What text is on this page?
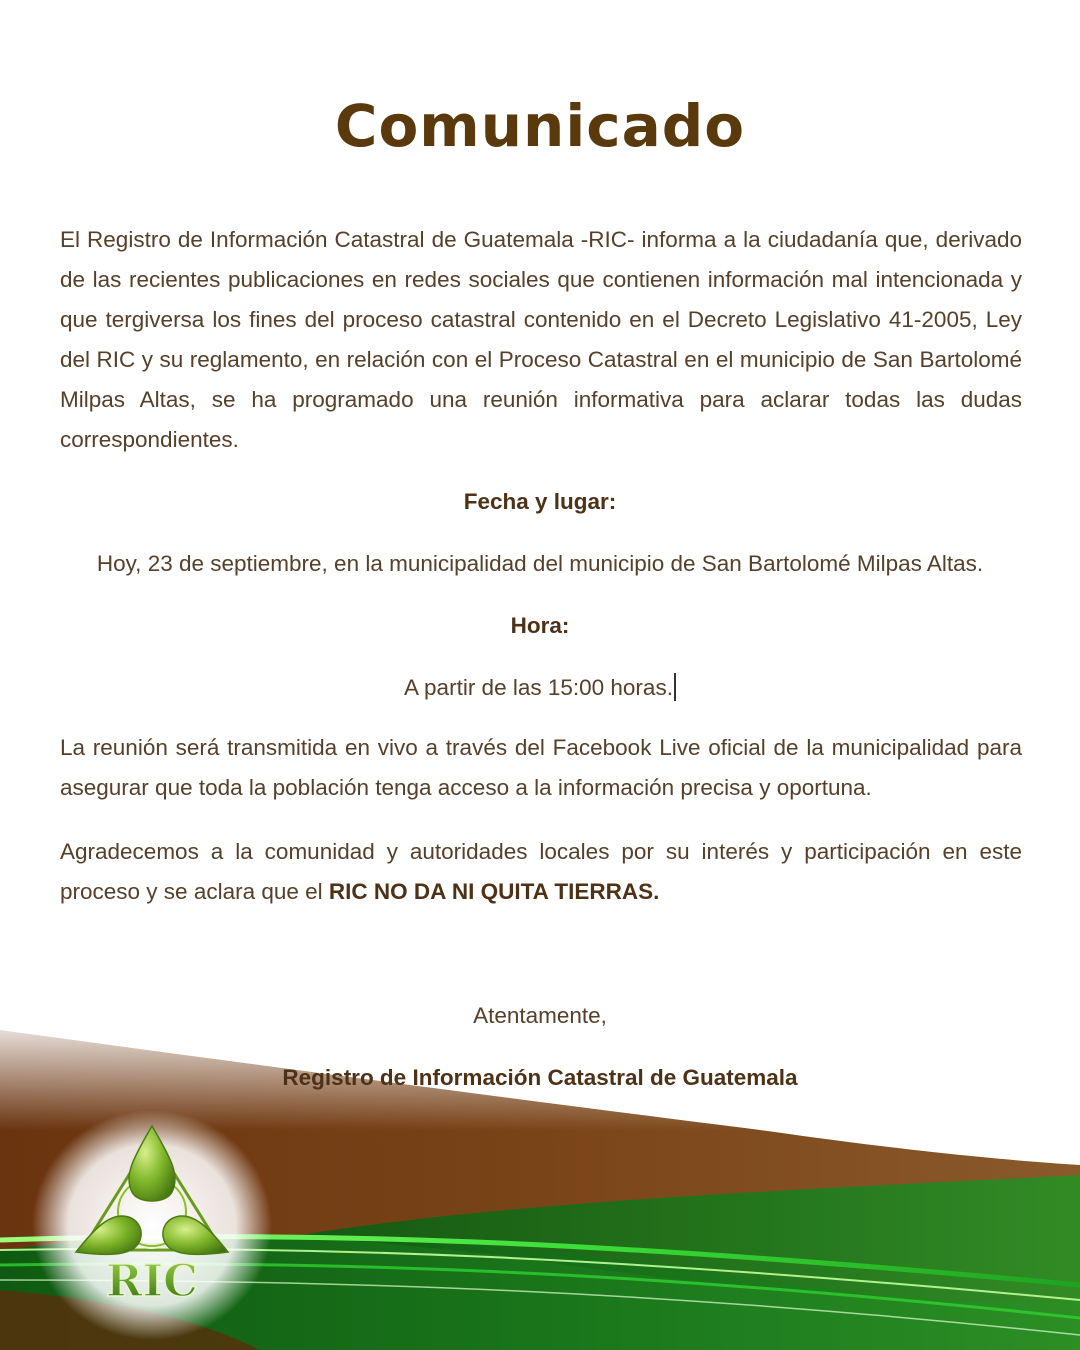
Comunicado
El Registro de Información Catastral de Guatemala -RIC- informa a la ciudadanía que, derivado de las recientes publicaciones en redes sociales que contienen información mal intencionada y que tergiversa los fines del proceso catastral contenido en el Decreto Legislativo 41-2005, Ley del RIC y su reglamento, en relación con el Proceso Catastral en el municipio de San Bartolomé Milpas Altas, se ha programado una reunión informativa para aclarar todas las dudas correspondientes.
Fecha y lugar:
Hoy, 23 de septiembre, en la municipalidad del municipio de San Bartolomé Milpas Altas.
Hora:
A partir de las 15:00 horas.
La reunión será transmitida en vivo a través del Facebook Live oficial de la municipalidad para asegurar que toda la población tenga acceso a la información precisa y oportuna.
Agradecemos a la comunidad y autoridades locales por su interés y participación en este proceso y se aclara que el RIC NO DA NI QUITA TIERRAS.
Atentamente,
Registro de Información Catastral de Guatemala
RIC
